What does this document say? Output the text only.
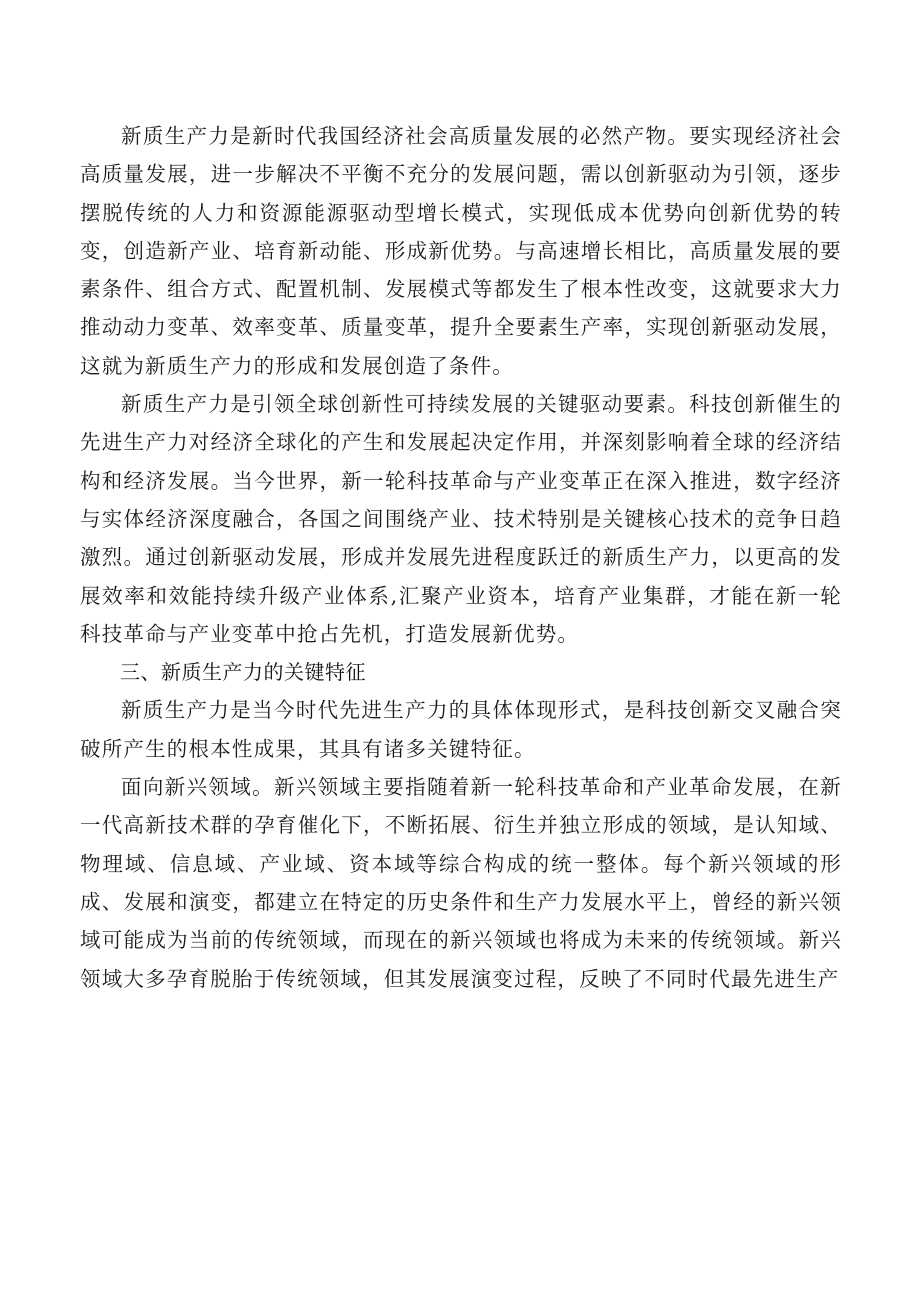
新质生产力是新时代我国经济社会高质量发展的必然产物。要实现经济社会高质量发展，进一步解决不平衡不充分的发展问题，需以创新驱动为引领，逐步摆脱传统的人力和资源能源驱动型增长模式，实现低成本优势向创新优势的转变，创造新产业、培育新动能、形成新优势。与高速增长相比，高质量发展的要素条件、组合方式、配置机制、发展模式等都发生了根本性改变，这就要求大力推动动力变革、效率变革、质量变革，提升全要素生产率，实现创新驱动发展，这就为新质生产力的形成和发展创造了条件。

新质生产力是引领全球创新性可持续发展的关键驱动要素。科技创新催生的先进生产力对经济全球化的产生和发展起决定作用，并深刻影响着全球的经济结构和经济发展。当今世界，新一轮科技革命与产业变革正在深入推进，数字经济与实体经济深度融合，各国之间围绕产业、技术特别是关键核心技术的竞争日趋激烈。通过创新驱动发展，形成并发展先进程度跃迁的新质生产力，以更高的发展效率和效能持续升级产业体系,汇聚产业资本，培育产业集群，才能在新一轮科技革命与产业变革中抢占先机，打造发展新优势。

三、新质生产力的关键特征

新质生产力是当今时代先进生产力的具体体现形式，是科技创新交叉融合突破所产生的根本性成果，其具有诸多关键特征。

面向新兴领域。新兴领域主要指随着新一轮科技革命和产业革命发展，在新一代高新技术群的孕育催化下，不断拓展、衍生并独立形成的领域，是认知域、物理域、信息域、产业域、资本域等综合构成的统一整体。每个新兴领域的形成、发展和演变，都建立在特定的历史条件和生产力发展水平上，曾经的新兴领域可能成为当前的传统领域，而现在的新兴领域也将成为未来的传统领域。新兴领域大多孕育脱胎于传统领域，但其发展演变过程，反映了不同时代最先进生产
